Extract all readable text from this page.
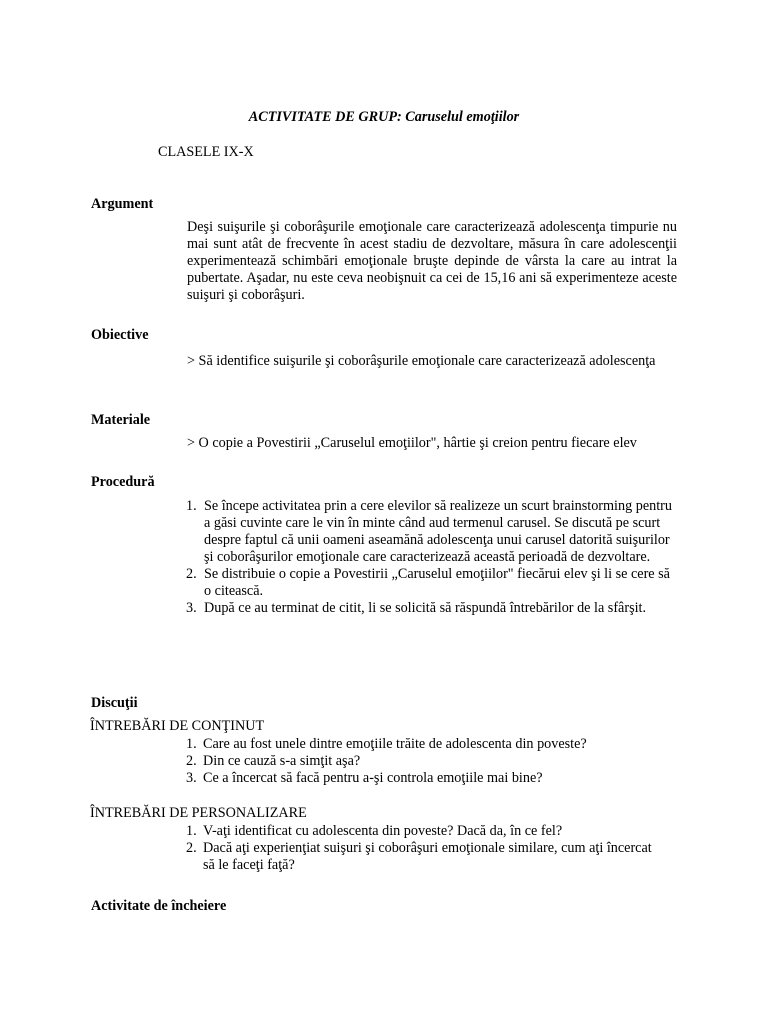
ACTIVITATE DE GRUP: Caruselul emoţiilor
CLASELE IX-X
Argument

Deşi suişurile şi coborâşurile emoţionale care caracterizează adolescenţa timpurie nu mai sunt atât de frecvente în acest stadiu de dezvoltare, măsura în care adolescenţii experimentează schimbări emoţionale bruşte depinde de vârsta la care au intrat la pubertate. Aşadar, nu este ceva neobişnuit ca cei de 15,16 ani să experimenteze aceste suişuri şi coborâşuri.

Obiective

> Să identifice suişurile şi coborâşurile emoţionale care caracterizează adolescenţa

Materiale

> O copie a Povestirii „Caruselul emoţiilor", hârtie şi creion pentru fiecare elev

Procedură
1. Se începe activitatea prin a cere elevilor să realizeze un scurt brainstorming pentru a găsi cuvinte care le vin în minte când aud termenul carusel. Se discută pe scurt despre faptul că unii oameni aseamănă adolescenţa unui carusel datorită suişurilor şi coborâşurilor emoţionale care caracterizează această perioadă de dezvoltare.
2. Se distribuie o copie a Povestirii „Caruselul emoţiilor" fiecărui elev şi li se cere să o citească.
3. După ce au terminat de citit, li se solicită să răspundă întrebărilor de la sfârşit.
Discuţii
ÎNTREBĂRI DE CONŢINUT
1. Care au fost unele dintre emoţiile trăite de adolescenta din poveste?
2. Din ce cauză s-a simţit aşa?
3. Ce a încercat să facă pentru a-şi controla emoţiile mai bine?
ÎNTREBĂRI DE PERSONALIZARE
1. V-aţi identificat cu adolescenta din poveste? Dacă da, în ce fel?
2. Dacă aţi experienţiat suişuri şi coborâşuri emoţionale similare, cum aţi încercat să le faceţi faţă?
Activitate de încheiere
